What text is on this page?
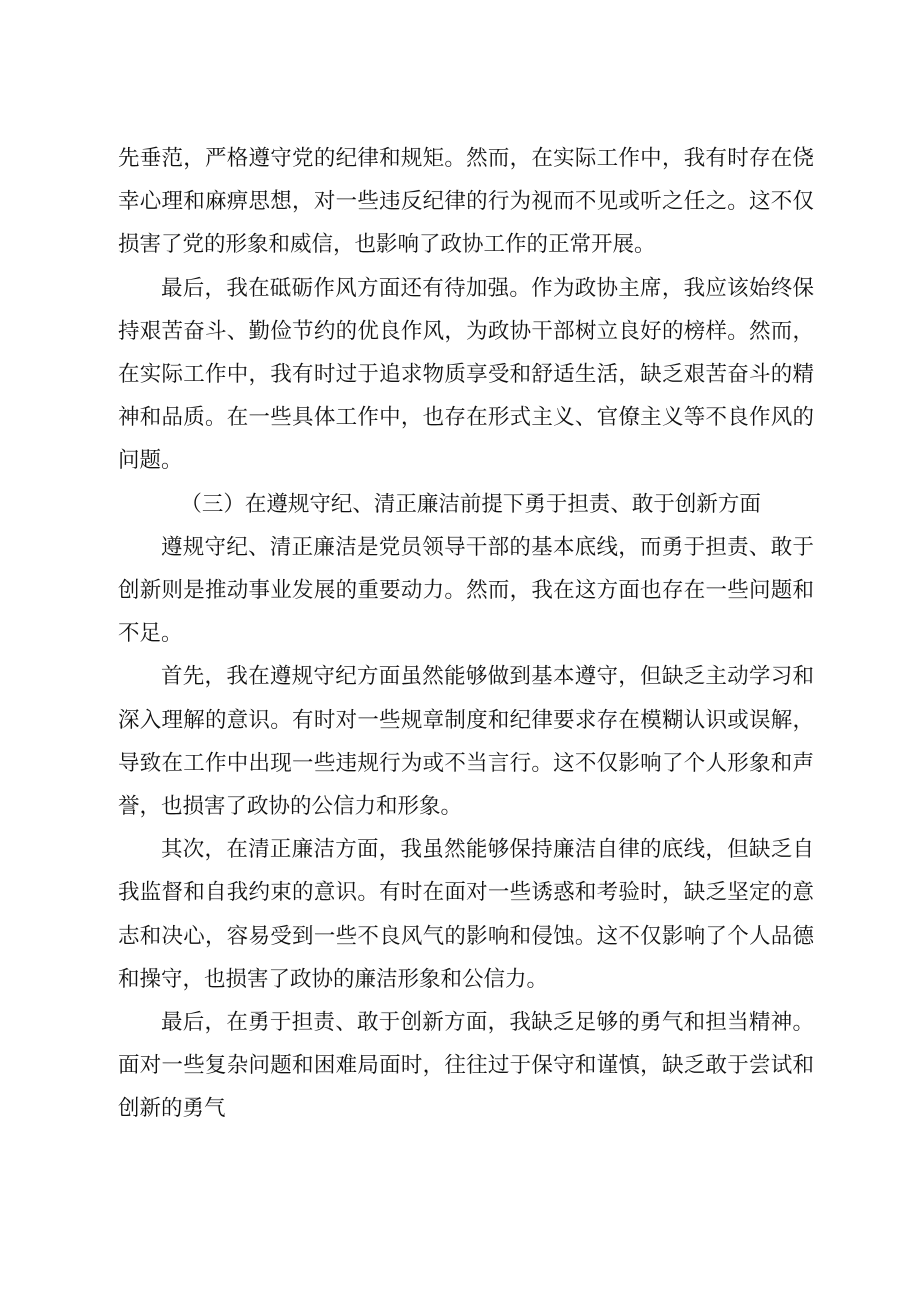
先垂范，严格遵守党的纪律和规矩。然而，在实际工作中，我有时存在侥幸心理和麻痹思想，对一些违反纪律的行为视而不见或听之任之。这不仅损害了党的形象和威信，也影响了政协工作的正常开展。

最后，我在砥砺作风方面还有待加强。作为政协主席，我应该始终保持艰苦奋斗、勤俭节约的优良作风，为政协干部树立良好的榜样。然而，在实际工作中，我有时过于追求物质享受和舒适生活，缺乏艰苦奋斗的精神和品质。在一些具体工作中，也存在形式主义、官僚主义等不良作风的问题。

（三）在遵规守纪、清正廉洁前提下勇于担责、敢于创新方面

遵规守纪、清正廉洁是党员领导干部的基本底线，而勇于担责、敢于创新则是推动事业发展的重要动力。然而，我在这方面也存在一些问题和不足。

首先，我在遵规守纪方面虽然能够做到基本遵守，但缺乏主动学习和深入理解的意识。有时对一些规章制度和纪律要求存在模糊认识或误解，导致在工作中出现一些违规行为或不当言行。这不仅影响了个人形象和声誉，也损害了政协的公信力和形象。

其次，在清正廉洁方面，我虽然能够保持廉洁自律的底线，但缺乏自我监督和自我约束的意识。有时在面对一些诱惑和考验时，缺乏坚定的意志和决心，容易受到一些不良风气的影响和侵蚀。这不仅影响了个人品德和操守，也损害了政协的廉洁形象和公信力。

最后，在勇于担责、敢于创新方面，我缺乏足够的勇气和担当精神。面对一些复杂问题和困难局面时，往往过于保守和谨慎，缺乏敢于尝试和创新的勇气
